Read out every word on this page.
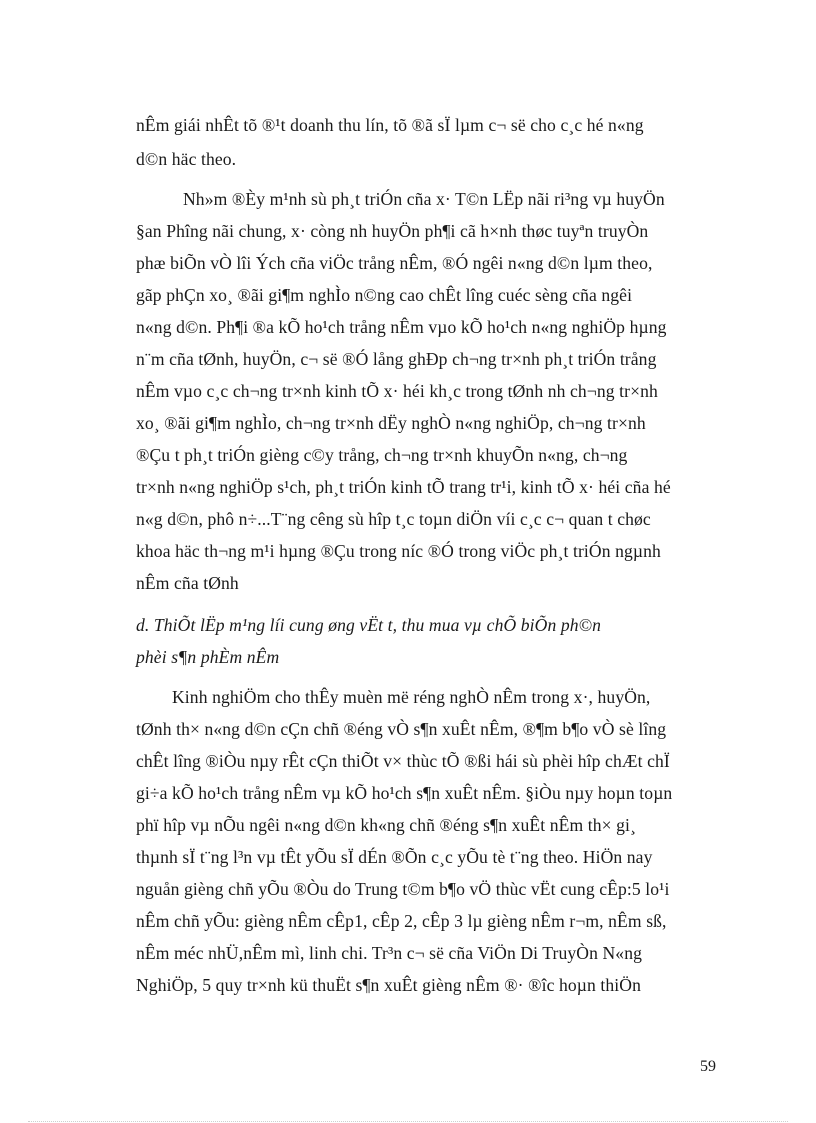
nÊm giái nhÊt tõ ®¹t doanh thu lín, tõ ®ã sÏ lµm c¬ së cho c¸c hé n«ng
d©n häc theo.
Nh»m ®Èy m¹nh sù ph¸t triÓn cña x· T©n LËp nãi ri³ng vµ huyÖn
§an Phîng nãi chung, x· còng nh huyÖn ph¶i cã h×nh thøc tuyªn truyÒn
phæ biÕn vÒ lîi Ých cña viÖc trång nÊm, ®Ó ngêi n«ng d©n lµm theo,
gãp phÇn xo¸ ®ãi gi¶m nghÌo n©ng cao chÊt lîng cuéc sèng cña ngêi
n«ng d©n. Ph¶i ®a kÕ ho¹ch trång nÊm vµo kÕ ho¹ch n«ng nghiÖp hµng
n¨m cña tØnh, huyÖn, c¬ së ®Ó lång ghÐp ch¬ng tr×nh ph¸t triÓn trång
nÊm vµo c¸c ch¬ng tr×nh kinh tÕ x· héi kh¸c trong tØnh nh ch¬ng tr×nh
xo¸ ®ãi gi¶m nghÌo, ch¬ng tr×nh dËy nghÒ n«ng nghiÖp, ch¬ng tr×nh
®Çu t ph¸t triÓn gièng c©y trång, ch¬ng tr×nh khuyÕn n«ng, ch¬ng
tr×nh n«ng nghiÖp s¹ch, ph¸t triÓn kinh tÕ trang tr¹i, kinh tÕ x· héi cña hé
n«g d©n, phô n÷...T¨ng cêng sù hîp t¸c toµn diÖn víi c¸c c¬ quan t chøc
khoa häc th¬ng m¹i hµng ®Çu trong níc ®Ó trong viÖc ph¸t triÓn ngµnh
nÊm cña tØnh
d. ThiÕt lËp m¹ng líi cung øng vËt t, thu mua vµ chÕ biÕn ph©n
phèi s¶n phÈm nÊm
Kinh nghiÖm cho thÊy muèn më réng nghÒ nÊm trong x·, huyÖn,
tØnh th× n«ng d©n cÇn chñ ®éng vÒ s¶n xuÊt nÊm, ®¶m b¶o vÒ sè lîng
chÊt lîng ®iÒu nµy rÊt cÇn thiÕt v× thùc tÕ ®ßi hái sù phèi hîp chÆt chÏ
gi÷a kÕ ho¹ch trång nÊm vµ kÕ ho¹ch s¶n xuÊt nÊm. §iÒu nµy hoµn toµn
phï hîp vµ nÕu ngêi n«ng d©n kh«ng chñ ®éng s¶n xuÊt nÊm th× gi¸
thµnh sÏ t¨ng l³n vµ tÊt yÕu sÏ dÉn ®Õn c¸c yÕu tè t¨ng theo. HiÖn nay
nguån gièng chñ yÕu ®Òu do Trung t©m b¶o vÖ thùc vËt cung cÊp:5 lo¹i
nÊm chñ yÕu: gièng nÊm cÊp1, cÊp 2, cÊp 3 lµ gièng nÊm r¬m, nÊm sß,
nÊm méc nhÜ,nÊm mì, linh chi. Tr³n c¬ së cña ViÖn Di TruyÒn N«ng
NghiÖp, 5 quy tr×nh kü thuËt s¶n xuÊt gièng nÊm ®· ®îc hoµn thiÖn
59
